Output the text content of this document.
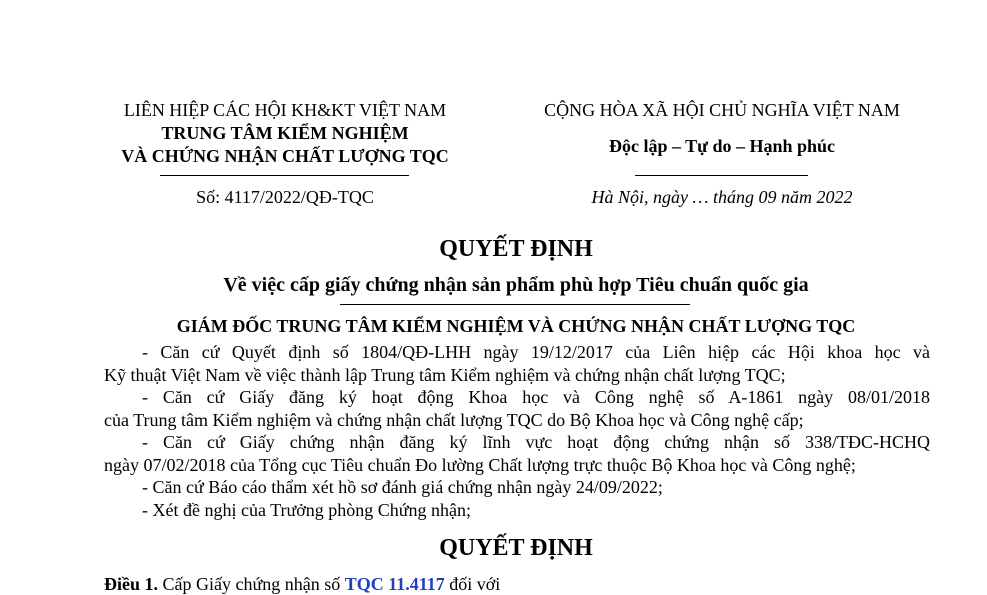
LIÊN HIỆP CÁC HỘI KH&KT VIỆT NAM
TRUNG TÂM KIỂM NGHIỆM
VÀ CHỨNG NHẬN CHẤT LƯỢNG TQC
Số: 4117/2022/QĐ-TQC
CỘNG HÒA XÃ HỘI CHỦ NGHĨA VIỆT NAM
Độc lập – Tự do – Hạnh phúc
Hà Nội, ngày … tháng 09 năm 2022
QUYẾT ĐỊNH
Về việc cấp giấy chứng nhận sản phẩm phù hợp Tiêu chuẩn quốc gia
GIÁM ĐỐC TRUNG TÂM KIỂM NGHIỆM VÀ CHỨNG NHẬN CHẤT LƯỢNG TQC
- Căn cứ Quyết định số 1804/QĐ-LHH ngày 19/12/2017 của Liên hiệp các Hội khoa học và
Kỹ thuật Việt Nam về việc thành lập Trung tâm Kiểm nghiệm và chứng nhận chất lượng TQC;
- Căn cứ Giấy đăng ký hoạt động Khoa học và Công nghệ số A-1861 ngày 08/01/2018
của Trung tâm Kiểm nghiệm và chứng nhận chất lượng TQC do Bộ Khoa học và Công nghệ cấp;
- Căn cứ Giấy chứng nhận đăng ký lĩnh vực hoạt động chứng nhận số 338/TĐC-HCHQ
ngày 07/02/2018 của Tổng cục Tiêu chuẩn Đo lường Chất lượng trực thuộc Bộ Khoa học và Công nghệ;
- Căn cứ Báo cáo thẩm xét hồ sơ đánh giá chứng nhận ngày 24/09/2022;
- Xét đề nghị của Trưởng phòng Chứng nhận;
QUYẾT ĐỊNH
Điều 1. Cấp Giấy chứng nhận số TQC 11.4117 đối với
